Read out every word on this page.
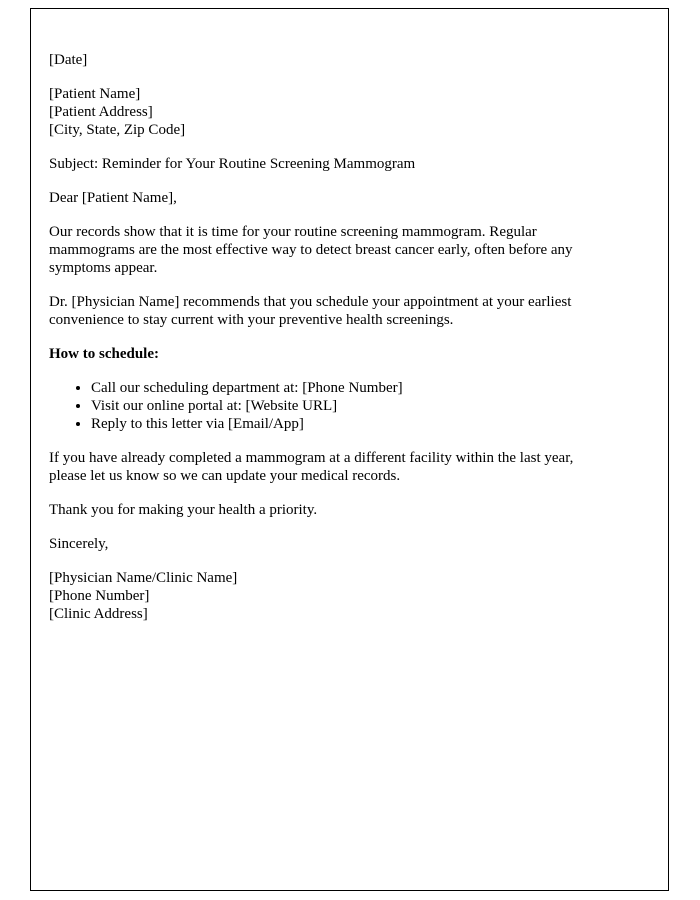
[Date]
[Patient Name]
[Patient Address]
[City, State, Zip Code]

Subject: Reminder for Your Routine Screening Mammogram

Dear [Patient Name],

Our records show that it is time for your routine screening mammogram. Regular mammograms are the most effective way to detect breast cancer early, often before any symptoms appear.

Dr. [Physician Name] recommends that you schedule your appointment at your earliest convenience to stay current with your preventive health screenings.

How to schedule:

• Call our scheduling department at: [Phone Number]
• Visit our online portal at: [Website URL]
• Reply to this letter via [Email/App]

If you have already completed a mammogram at a different facility within the last year, please let us know so we can update your medical records.

Thank you for making your health a priority.

Sincerely,

[Physician Name/Clinic Name]
[Phone Number]
[Clinic Address]
